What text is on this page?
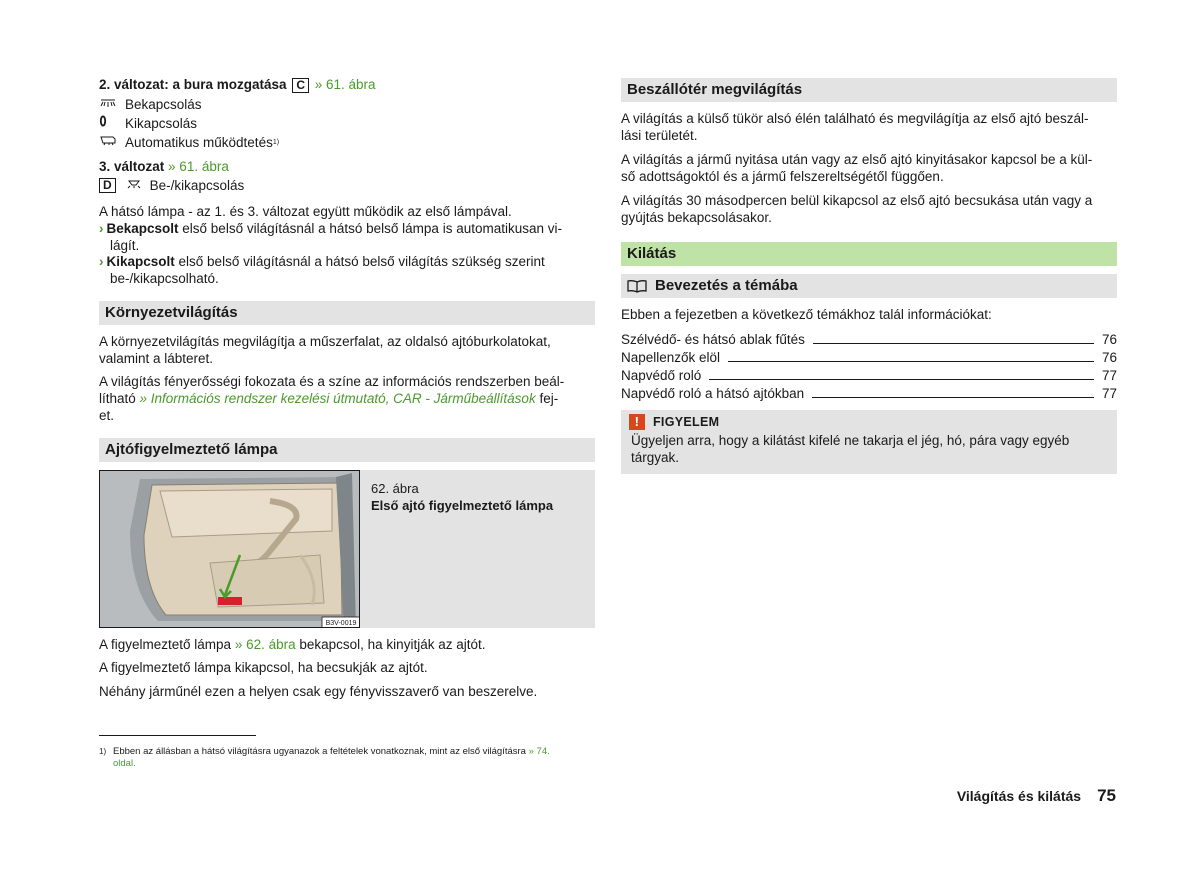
2. változat: a bura mozgatása C » 61. ábra
Bekapcsolás
Kikapcsolás
Automatikus működtetés 1)
3. változat » 61. ábra
D	Be-/kikapcsolás
A hátsó lámpa - az 1. és 3. változat együtt működik az első lámpával.
› Bekapcsolt első belső világításnál a hátsó belső lámpa is automatikusan vi-
lágít.
› Kikapcsolt első belső világításnál a hátsó belső világítás szükség szerint
be-/kikapcsolható.
Környezetvilágítás
A környezetvilágítás megvilágítja a műszerfalat, az oldalsó ajtóburkolatokat,
valamint a lábteret.
A világítás fényerősségi fokozata és a színe az információs rendszerben beál-
lítható » Információs rendszer kezelési útmutató, CAR - Járműbeállítások fej-
et.
Ajtófigyelmeztető lámpa
B3V-0019
62. ábra
Első ajtó figyelmeztető lámpa
A figyelmeztető lámpa » 62. ábra bekapcsol, ha kinyitják az ajtót.
A figyelmeztető lámpa kikapcsol, ha becsukják az ajtót.
Néhány járműnél ezen a helyen csak egy fényvisszaverő van beszerelve.
Beszállótér megvilágítás
A világítás a külső tükör alsó élén található és megvilágítja az első ajtó beszál-
lási területét.
A világítás a jármű nyitása után vagy az első ajtó kinyitásakor kapcsol be a kül-
ső adottságoktól és a jármű felszereltségétől függően.
A világítás 30 másodpercen belül kikapcsol az első ajtó becsukása után vagy a
gyújtás bekapcsolásakor.
Kilátás
Bevezetés a témába
Ebben a fejezetben a következő témákhoz talál információkat:
Szélvédő- és hátsó ablak fűtés	76
Napellenzők elöl	76
Napvédő roló	77
Napvédő roló a hátsó ajtókban	77
!	FIGYELEM
Ügyeljen arra, hogy a kilátást kifelé ne takarja el jég, hó, pára vagy egyéb
tárgyak.
1) Ebben az állásban a hátsó világításra ugyanazok a feltételek vonatkoznak, mint az első világításra » 74.
oldal.
Világítás és kilátás 75
